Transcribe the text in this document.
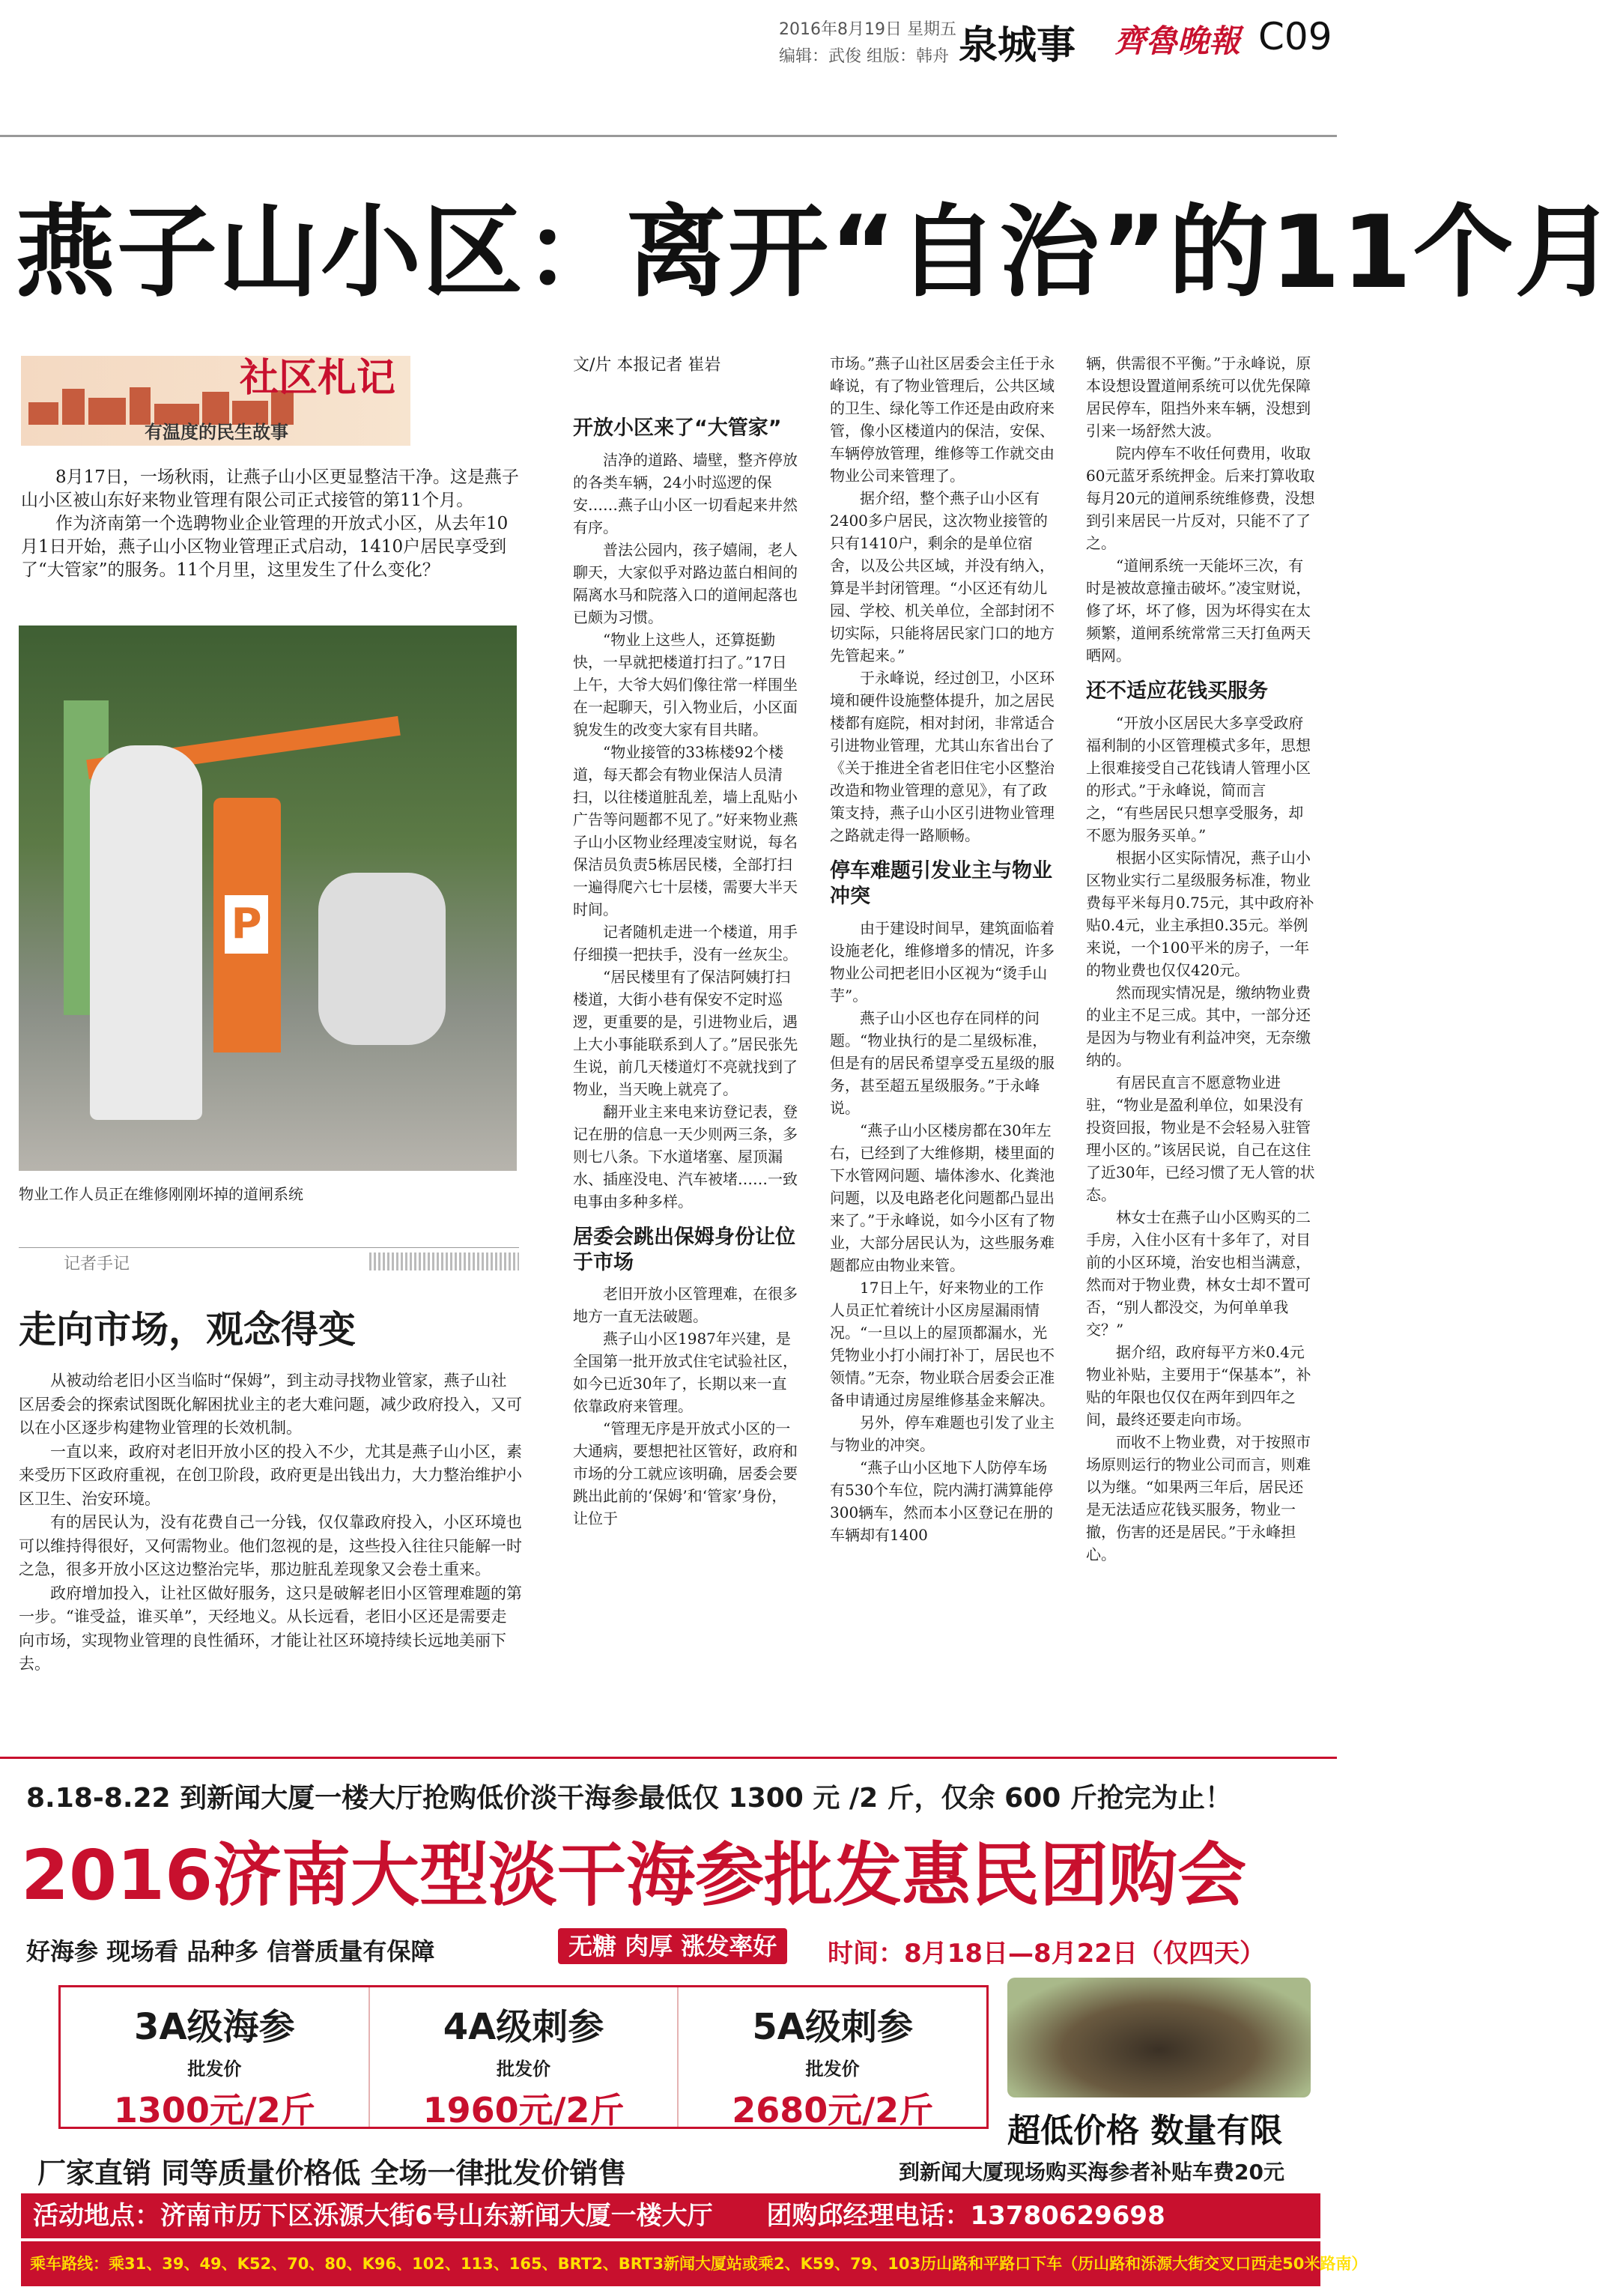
2016年8月19日 星期五
编辑：武俊 组版：韩舟 泉城事 齊魯晚報 C09
燕子山小区：离开“自治”的11个月
社区札记
有温度的民生故事

8月17日，一场秋雨，让燕子山小区更显整洁干净。这是燕子山小区被山东好来物业管理有限公司正式接管的第11个月。

作为济南第一个选聘物业企业管理的开放式小区，从去年10月1日开始，燕子山小区物业管理正式启动，1410户居民享受到了“大管家”的服务。11个月里，这里发生了什么变化？

P
物业工作人员正在维修刚刚坏掉的道闸系统
记者手记
走向市场，观念得变

从被动给老旧小区当临时“保姆”，到主动寻找物业管家，燕子山社区居委会的探索试图既化解困扰业主的老大难问题，减少政府投入，又可以在小区逐步构建物业管理的长效机制。

一直以来，政府对老旧开放小区的投入不少，尤其是燕子山小区，素来受历下区政府重视，在创卫阶段，政府更是出钱出力，大力整治维护小区卫生、治安环境。

有的居民认为，没有花费自己一分钱，仅仅靠政府投入，小区环境也可以维持得很好，又何需物业。他们忽视的是，这些投入往往只能解一时之急，很多开放小区这边整治完毕，那边脏乱差现象又会卷土重来。

政府增加投入，让社区做好服务，这只是破解老旧小区管理难题的第一步。“谁受益，谁买单”，天经地义。从长远看，老旧小区还是需要走向市场，实现物业管理的良性循环，才能让社区环境持续长远地美丽下去。

文/片 本报记者 崔岩
开放小区来了“大管家”

洁净的道路、墙壁，整齐停放的各类车辆，24小时巡逻的保安……燕子山小区一切看起来井然有序。

普法公园内，孩子嬉闹，老人聊天，大家似乎对路边蓝白相间的隔离水马和院落入口的道闸起落也已颇为习惯。

“物业上这些人，还算挺勤快，一早就把楼道打扫了。”17日上午，大爷大妈们像往常一样围坐在一起聊天，引入物业后，小区面貌发生的改变大家有目共睹。

“物业接管的33栋楼92个楼道，每天都会有物业保洁人员清扫，以往楼道脏乱差，墙上乱贴小广告等问题都不见了。”好来物业燕子山小区物业经理凌宝财说，每名保洁员负责5栋居民楼，全部打扫一遍得爬六七十层楼，需要大半天时间。

记者随机走进一个楼道，用手仔细摸一把扶手，没有一丝灰尘。

“居民楼里有了保洁阿姨打扫楼道，大街小巷有保安不定时巡逻，更重要的是，引进物业后，遇上大小事能联系到人了。”居民张先生说，前几天楼道灯不亮就找到了物业，当天晚上就亮了。

翻开业主来电来访登记表，登记在册的信息一天少则两三条，多则七八条。下水道堵塞、屋顶漏水、插座没电、汽车被堵……一致电事由多种多样。

居委会跳出保姆身份让位于市场

老旧开放小区管理难，在很多地方一直无法破题。

燕子山小区1987年兴建，是全国第一批开放式住宅试验社区，如今已近30年了，长期以来一直依靠政府来管理。

“管理无序是开放式小区的一大通病，要想把社区管好，政府和市场的分工就应该明确，居委会要跳出此前的‘保姆’和‘管家’身份，让位于

市场。”燕子山社区居委会主任于永峰说，有了物业管理后，公共区域的卫生、绿化等工作还是由政府来管，像小区楼道内的保洁，安保、车辆停放管理，维修等工作就交由物业公司来管理了。

据介绍，整个燕子山小区有2400多户居民，这次物业接管的只有1410户，剩余的是单位宿舍，以及公共区域，并没有纳入，算是半封闭管理。“小区还有幼儿园、学校、机关单位，全部封闭不切实际，只能将居民家门口的地方先管起来。”

于永峰说，经过创卫，小区环境和硬件设施整体提升，加之居民楼都有庭院，相对封闭，非常适合引进物业管理，尤其山东省出台了《关于推进全省老旧住宅小区整治改造和物业管理的意见》，有了政策支持，燕子山小区引进物业管理之路就走得一路顺畅。

停车难题引发业主与物业冲突

由于建设时间早，建筑面临着设施老化，维修增多的情况，许多物业公司把老旧小区视为“烫手山芋”。

燕子山小区也存在同样的问题。“物业执行的是二星级标准，但是有的居民希望享受五星级的服务，甚至超五星级服务。”于永峰说。

“燕子山小区楼房都在30年左右，已经到了大维修期，楼里面的下水管网问题、墙体渗水、化粪池问题，以及电路老化问题都凸显出来了。”于永峰说，如今小区有了物业，大部分居民认为，这些服务难题都应由物业来管。

17日上午，好来物业的工作人员正忙着统计小区房屋漏雨情况。“一旦以上的屋顶都漏水，光凭物业小打小闹打补丁，居民也不领情。”无奈，物业联合居委会正准备申请通过房屋维修基金来解决。

另外，停车难题也引发了业主与物业的冲突。

“燕子山小区地下人防停车场有530个车位，院内满打满算能停300辆车，然而本小区登记在册的车辆却有1400

辆，供需很不平衡。”于永峰说，原本设想设置道闸系统可以优先保障居民停车，阻挡外来车辆，没想到引来一场舒然大波。

院内停车不收任何费用，收取60元蓝牙系统押金。后来打算收取每月20元的道闸系统维修费，没想到引来居民一片反对，只能不了了之。

“道闸系统一天能坏三次，有时是被故意撞击破坏。”凌宝财说，修了坏，坏了修，因为坏得实在太频繁，道闸系统常常三天打鱼两天晒网。

还不适应花钱买服务

“开放小区居民大多享受政府福利制的小区管理模式多年，思想上很难接受自己花钱请人管理小区的形式。”于永峰说，简而言之，“有些居民只想享受服务，却不愿为服务买单。”

根据小区实际情况，燕子山小区物业实行二星级服务标准，物业费每平米每月0.75元，其中政府补贴0.4元，业主承担0.35元。举例来说，一个100平米的房子，一年的物业费也仅仅420元。

然而现实情况是，缴纳物业费的业主不足三成。其中，一部分还是因为与物业有利益冲突，无奈缴纳的。

有居民直言不愿意物业进驻，“物业是盈利单位，如果没有投资回报，物业是不会轻易入驻管理小区的。”该居民说，自己在这住了近30年，已经习惯了无人管的状态。

林女士在燕子山小区购买的二手房，入住小区有十多年了，对目前的小区环境，治安也相当满意，然而对于物业费，林女士却不置可否，“别人都没交，为何单单我交？”

据介绍，政府每平方米0.4元物业补贴，主要用于“保基本”，补贴的年限也仅仅在两年到四年之间，最终还要走向市场。

而收不上物业费，对于按照市场原则运行的物业公司而言，则难以为继。“如果两三年后，居民还是无法适应花钱买服务，物业一撤，伤害的还是居民。”于永峰担心。

8.18-8.22 到新闻大厦一楼大厅抢购低价淡干海参最低仅 1300 元 /2 斤，仅余 600 斤抢完为止！
2016济南大型淡干海参批发惠民团购会
好海参 现场看 品种多 信誉质量有保障	无糖 肉厚 涨发率好	时间：8月18日—8月22日（仅四天）
3A级海参
批发价
1300元/2斤
4A级刺参
批发价
1960元/2斤
5A级刺参
批发价
2680元/2斤
超低价格 数量有限
厂家直销 同等质量价格低 全场一律批发价销售	到新闻大厦现场购买海参者补贴车费20元
活动地点：济南市历下区泺源大街6号山东新闻大厦一楼大厅 团购邱经理电话：13780629698
乘车路线：乘31、39、49、K52、70、80、K96、102、113、165、BRT2、BRT3新闻大厦站或乘2、K59、79、103历山路和平路口下车（历山路和泺源大街交叉口西走50米路南）
